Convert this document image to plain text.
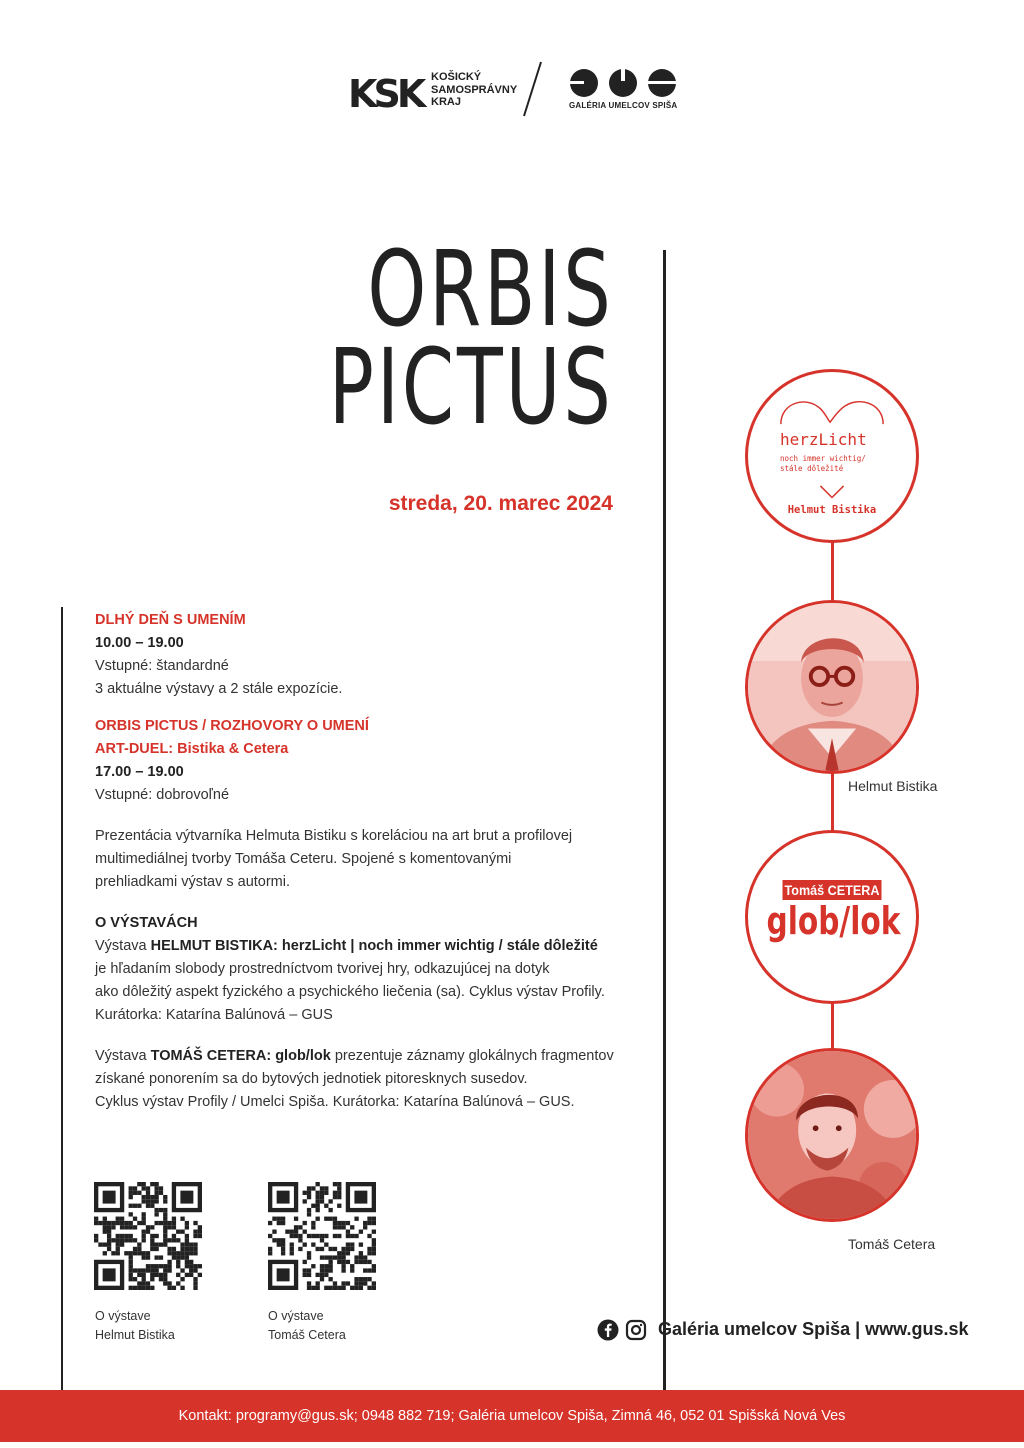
KSK KOŠICKÝ
SAMOSPRÁVNY
KRAJ	GALÉRIA UMELCOV SPIŠA
ORBIS
PICTUS
streda, 20. marec 2024
DLHÝ DEŇ S UMENÍM
10.00 – 19.00
Vstupné: štandardné
3 aktuálne výstavy a 2 stále expozície.
ORBIS PICTUS / ROZHOVORY O UMENÍ
ART-DUEL: Bistika & Cetera
17.00 – 19.00
Vstupné: dobrovoľné
Prezentácia výtvarníka Helmuta Bistiku s koreláciou na art brut a profilovej
multimediálnej tvorby Tomáša Ceteru. Spojené s komentovanými
prehliadkami výstav s autormi.
O VÝSTAVÁCH
Výstava HELMUT BISTIKA: herzLicht | noch immer wichtig / stále dôležité
je hľadaním slobody prostredníctvom tvorivej hry, odkazujúcej na dotyk
ako dôležitý aspekt fyzického a psychického liečenia (sa). Cyklus výstav Profily.
Kurátorka: Katarína Balúnová – GUS
Výstava TOMÁŠ CETERA: glob/lok prezentuje záznamy glokálnych fragmentov
získané ponorením sa do bytových jednotiek pitoresknych susedov.
Cyklus výstav Profily / Umelci Spiša. Kurátorka: Katarína Balúnová – GUS.
O výstave
Helmut Bistika
O výstave
Tomáš Cetera
herzLicht
noch immer wichtig/
stále dôležité
Helmut Bistika
Helmut Bistika
Tomáš CETERA
glob/lok
Tomáš Cetera
Galéria umelcov Spiša | www.gus.sk
Kontakt: programy@gus.sk; 0948 882 719; Galéria umelcov Spiša, Zimná 46, 052 01 Spišská Nová Ves
